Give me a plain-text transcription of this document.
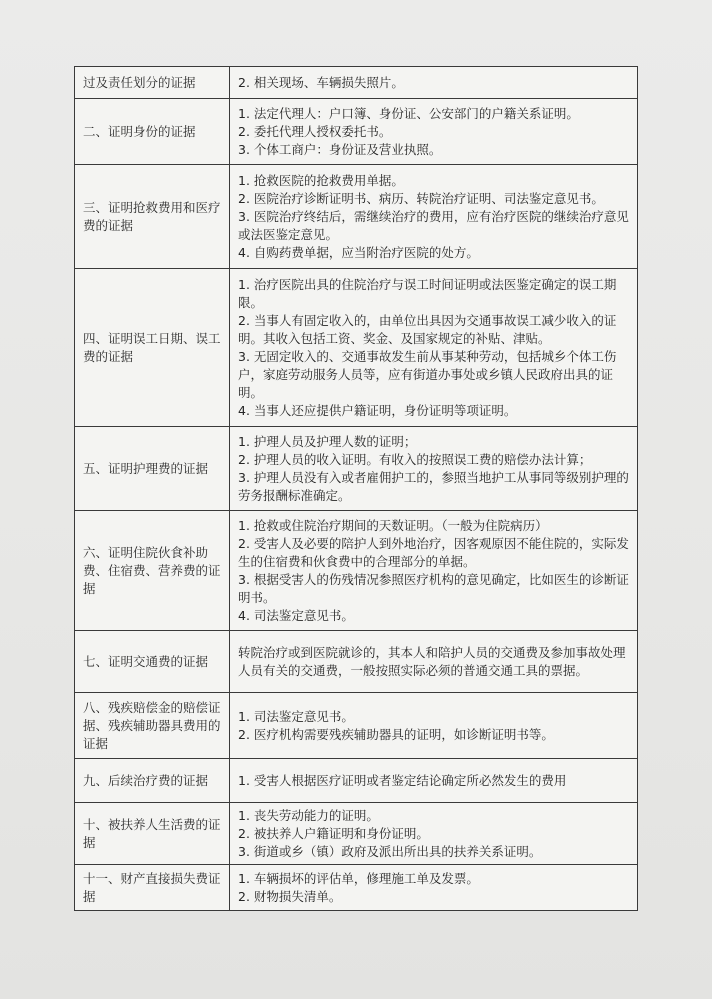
过及责任划分的证据	2. 相关现场、车辆损失照片。

二、证明身份的证据	1. 法定代理人：户口簿、身份证、公安部门的户籍关系证明。
2. 委托代理人授权委托书。
3. 个体工商户：身份证及营业执照。

三、证明抢救费用和医疗费的证据	1. 抢救医院的抢救费用单据。
2. 医院治疗诊断证明书、病历、转院治疗证明、司法鉴定意见书。
3. 医院治疗终结后，需继续治疗的费用，应有治疗医院的继续治疗意见或法医鉴定意见。
4. 自购药费单据，应当附治疗医院的处方。

四、证明误工日期、误工费的证据	1. 治疗医院出具的住院治疗与误工时间证明或法医鉴定确定的误工期限。
2. 当事人有固定收入的，由单位出具因为交通事故误工减少收入的证明。其收入包括工资、奖金、及国家规定的补贴、津贴。
3. 无固定收入的、交通事故发生前从事某种劳动，包括城乡个体工伤户，家庭劳动服务人员等，应有街道办事处或乡镇人民政府出具的证明。
4. 当事人还应提供户籍证明，身份证明等项证明。

五、证明护理费的证据	1. 护理人员及护理人数的证明；
2. 护理人员的收入证明。有收入的按照误工费的赔偿办法计算；
3. 护理人员没有入或者雇佣护工的，参照当地护工从事同等级别护理的劳务报酬标准确定。

六、证明住院伙食补助费、住宿费、营养费的证据	1. 抢救或住院治疗期间的天数证明。（一般为住院病历）
2. 受害人及必要的陪护人到外地治疗，因客观原因不能住院的，实际发生的住宿费和伙食费中的合理部分的单据。
3. 根据受害人的伤残情况参照医疗机构的意见确定，比如医生的诊断证明书。
4. 司法鉴定意见书。

七、证明交通费的证据	转院治疗或到医院就诊的，其本人和陪护人员的交通费及参加事故处理人员有关的交通费，一般按照实际必须的普通交通工具的票据。

八、残疾赔偿金的赔偿证据、残疾辅助器具费用的证据	1. 司法鉴定意见书。
2. 医疗机构需要残疾辅助器具的证明，如诊断证明书等。

九、后续治疗费的证据	1. 受害人根据医疗证明或者鉴定结论确定所必然发生的费用

十、被扶养人生活费的证据	1. 丧失劳动能力的证明。
2. 被扶养人户籍证明和身份证明。
3. 街道或乡（镇）政府及派出所出具的扶养关系证明。

十一、财产直接损失费证据	1. 车辆损坏的评估单，修理施工单及发票。
2. 财物损失清单。
